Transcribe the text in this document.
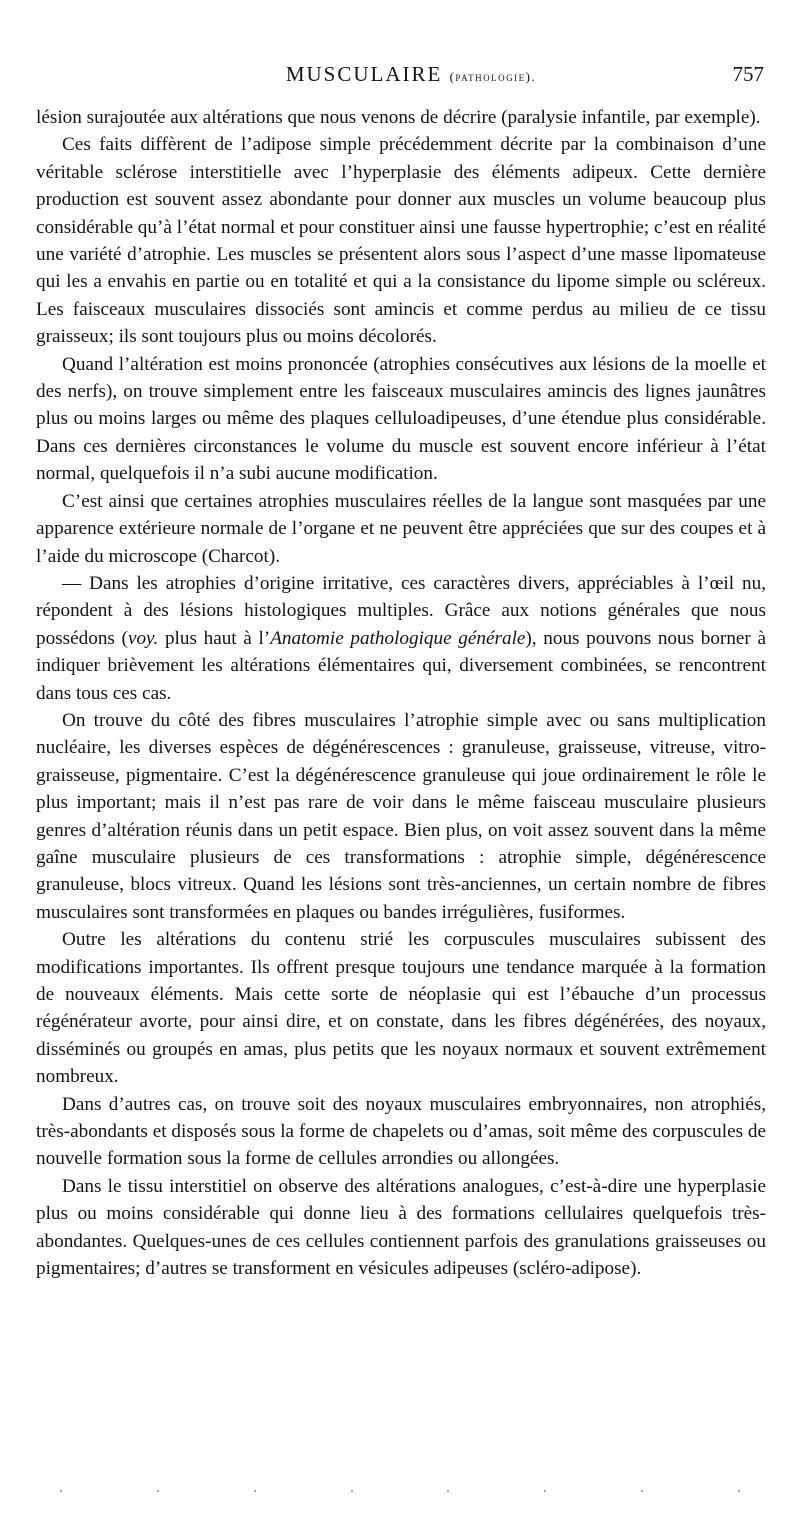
MUSCULAIRE (pathologie).	757

lésion surajoutée aux altérations que nous venons de décrire (paralysie infantile, par exemple).

Ces faits diffèrent de l’adipose simple précédemment décrite par la combinaison d’une véritable sclérose interstitielle avec l’hyperplasie des éléments adipeux. Cette dernière production est souvent assez abondante pour donner aux muscles un volume beaucoup plus considérable qu’à l’état normal et pour constituer ainsi une fausse hypertrophie; c’est en réalité une variété d’atrophie. Les muscles se présentent alors sous l’aspect d’une masse lipomateuse qui les a envahis en partie ou en totalité et qui a la consistance du lipome simple ou scléreux. Les faisceaux musculaires dissociés sont amincis et comme perdus au milieu de ce tissu graisseux; ils sont toujours plus ou moins décolorés.

Quand l’altération est moins prononcée (atrophies consécutives aux lésions de la moelle et des nerfs), on trouve simplement entre les faisceaux musculaires amincis des lignes jaunâtres plus ou moins larges ou même des plaques celluloadipeuses, d’une étendue plus considérable. Dans ces dernières circonstances le volume du muscle est souvent encore inférieur à l’état normal, quelquefois il n’a subi aucune modification.

C’est ainsi que certaines atrophies musculaires réelles de la langue sont masquées par une apparence extérieure normale de l’organe et ne peuvent être appréciées que sur des coupes et à l’aide du microscope (Charcot).

— Dans les atrophies d’origine irritative, ces caractères divers, appréciables à l’œil nu, répondent à des lésions histologiques multiples. Grâce aux notions générales que nous possédons (voy. plus haut à l’Anatomie pathologique générale), nous pouvons nous borner à indiquer brièvement les altérations élémentaires qui, diversement combinées, se rencontrent dans tous ces cas.

On trouve du côté des fibres musculaires l’atrophie simple avec ou sans multiplication nucléaire, les diverses espèces de dégénérescences : granuleuse, graisseuse, vitreuse, vitro-graisseuse, pigmentaire. C’est la dégénérescence granuleuse qui joue ordinairement le rôle le plus important; mais il n’est pas rare de voir dans le même faisceau musculaire plusieurs genres d’altération réunis dans un petit espace. Bien plus, on voit assez souvent dans la même gaîne musculaire plusieurs de ces transformations : atrophie simple, dégénérescence granuleuse, blocs vitreux. Quand les lésions sont très-anciennes, un certain nombre de fibres musculaires sont transformées en plaques ou bandes irrégulières, fusiformes.

Outre les altérations du contenu strié les corpuscules musculaires subissent des modifications importantes. Ils offrent presque toujours une tendance marquée à la formation de nouveaux éléments. Mais cette sorte de néoplasie qui est l’ébauche d’un processus régénérateur avorte, pour ainsi dire, et on constate, dans les fibres dégénérées, des noyaux, disséminés ou groupés en amas, plus petits que les noyaux normaux et souvent extrêmement nombreux.

Dans d’autres cas, on trouve soit des noyaux musculaires embryonnaires, non atrophiés, très-abondants et disposés sous la forme de chapelets ou d’amas, soit même des corpuscules de nouvelle formation sous la forme de cellules arrondies ou allongées.

Dans le tissu interstitiel on observe des altérations analogues, c’est-à-dire une hyperplasie plus ou moins considérable qui donne lieu à des formations cellulaires quelquefois très-abondantes. Quelques-unes de ces cellules contiennent parfois des granulations graisseuses ou pigmentaires; d’autres se transforment en vésicules adipeuses (scléro-adipose).
